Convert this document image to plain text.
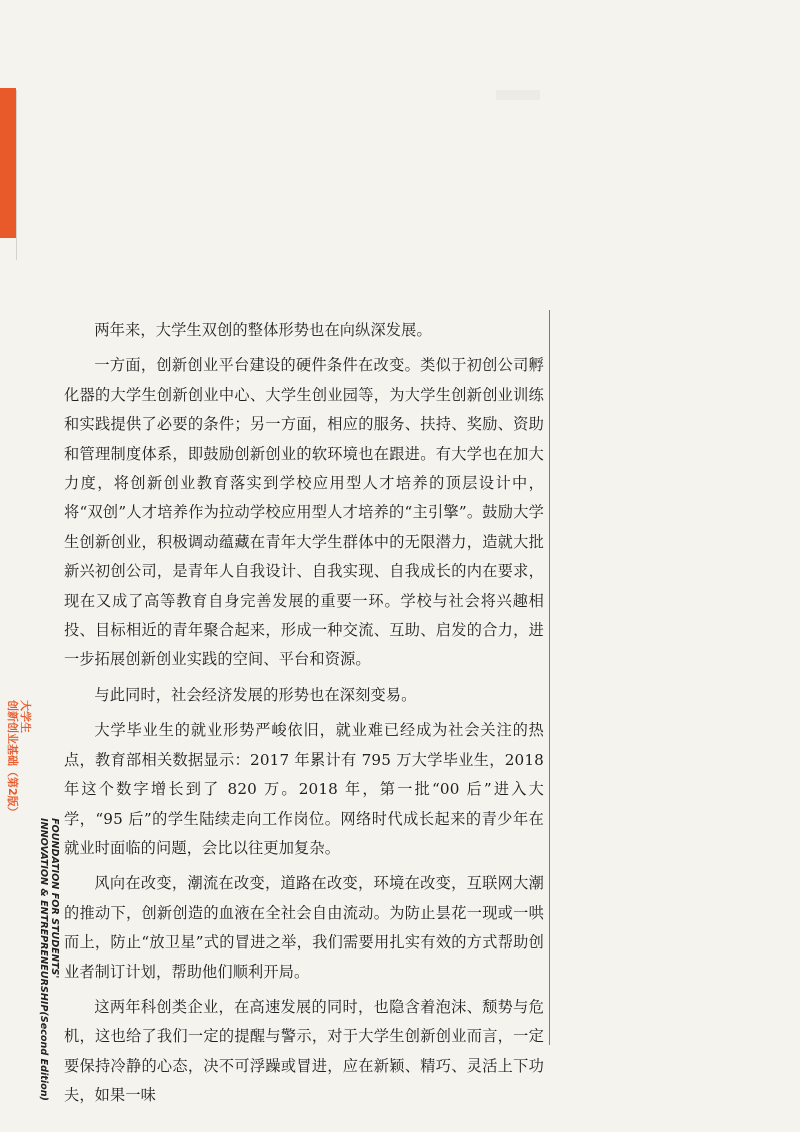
两年来，大学生双创的整体形势也在向纵深发展。

一方面，创新创业平台建设的硬件条件在改变。类似于初创公司孵化器的大学生创新创业中心、大学生创业园等，为大学生创新创业训练和实践提供了必要的条件；另一方面，相应的服务、扶持、奖励、资助和管理制度体系，即鼓励创新创业的软环境也在跟进。有大学也在加大力度，将创新创业教育落实到学校应用型人才培养的顶层设计中，将“双创”人才培养作为拉动学校应用型人才培养的“主引擎”。鼓励大学生创新创业，积极调动蕴藏在青年大学生群体中的无限潜力，造就大批新兴初创公司，是青年人自我设计、自我实现、自我成长的内在要求，现在又成了高等教育自身完善发展的重要一环。学校与社会将兴趣相投、目标相近的青年聚合起来，形成一种交流、互助、启发的合力，进一步拓展创新创业实践的空间、平台和资源。

与此同时，社会经济发展的形势也在深刻变易。

大学毕业生的就业形势严峻依旧，就业难已经成为社会关注的热点，教育部相关数据显示：2017 年累计有 795 万大学毕业生，2018 年这个数字增长到了 820 万。2018 年，第一批“00 后”进入大学，“95 后”的学生陆续走向工作岗位。网络时代成长起来的青少年在就业时面临的问题，会比以往更加复杂。

风向在改变，潮流在改变，道路在改变，环境在改变，互联网大潮的推动下，创新创造的血液在全社会自由流动。为防止昙花一现或一哄而上，防止“放卫星”式的冒进之举，我们需要用扎实有效的方式帮助创业者制订计划，帮助他们顺利开局。

这两年科创类企业，在高速发展的同时，也隐含着泡沫、颓势与危机，这也给了我们一定的提醒与警示，对于大学生创新创业而言，一定要保持冷静的心态，决不可浮躁或冒进，应在新颖、精巧、灵活上下功夫，如果一味

大学生
创新创业基础（第2版）
FOUNDATION FOR STUDENTS'
INNOVATION & ENTREPRENEURSHIP(Second Edition)
